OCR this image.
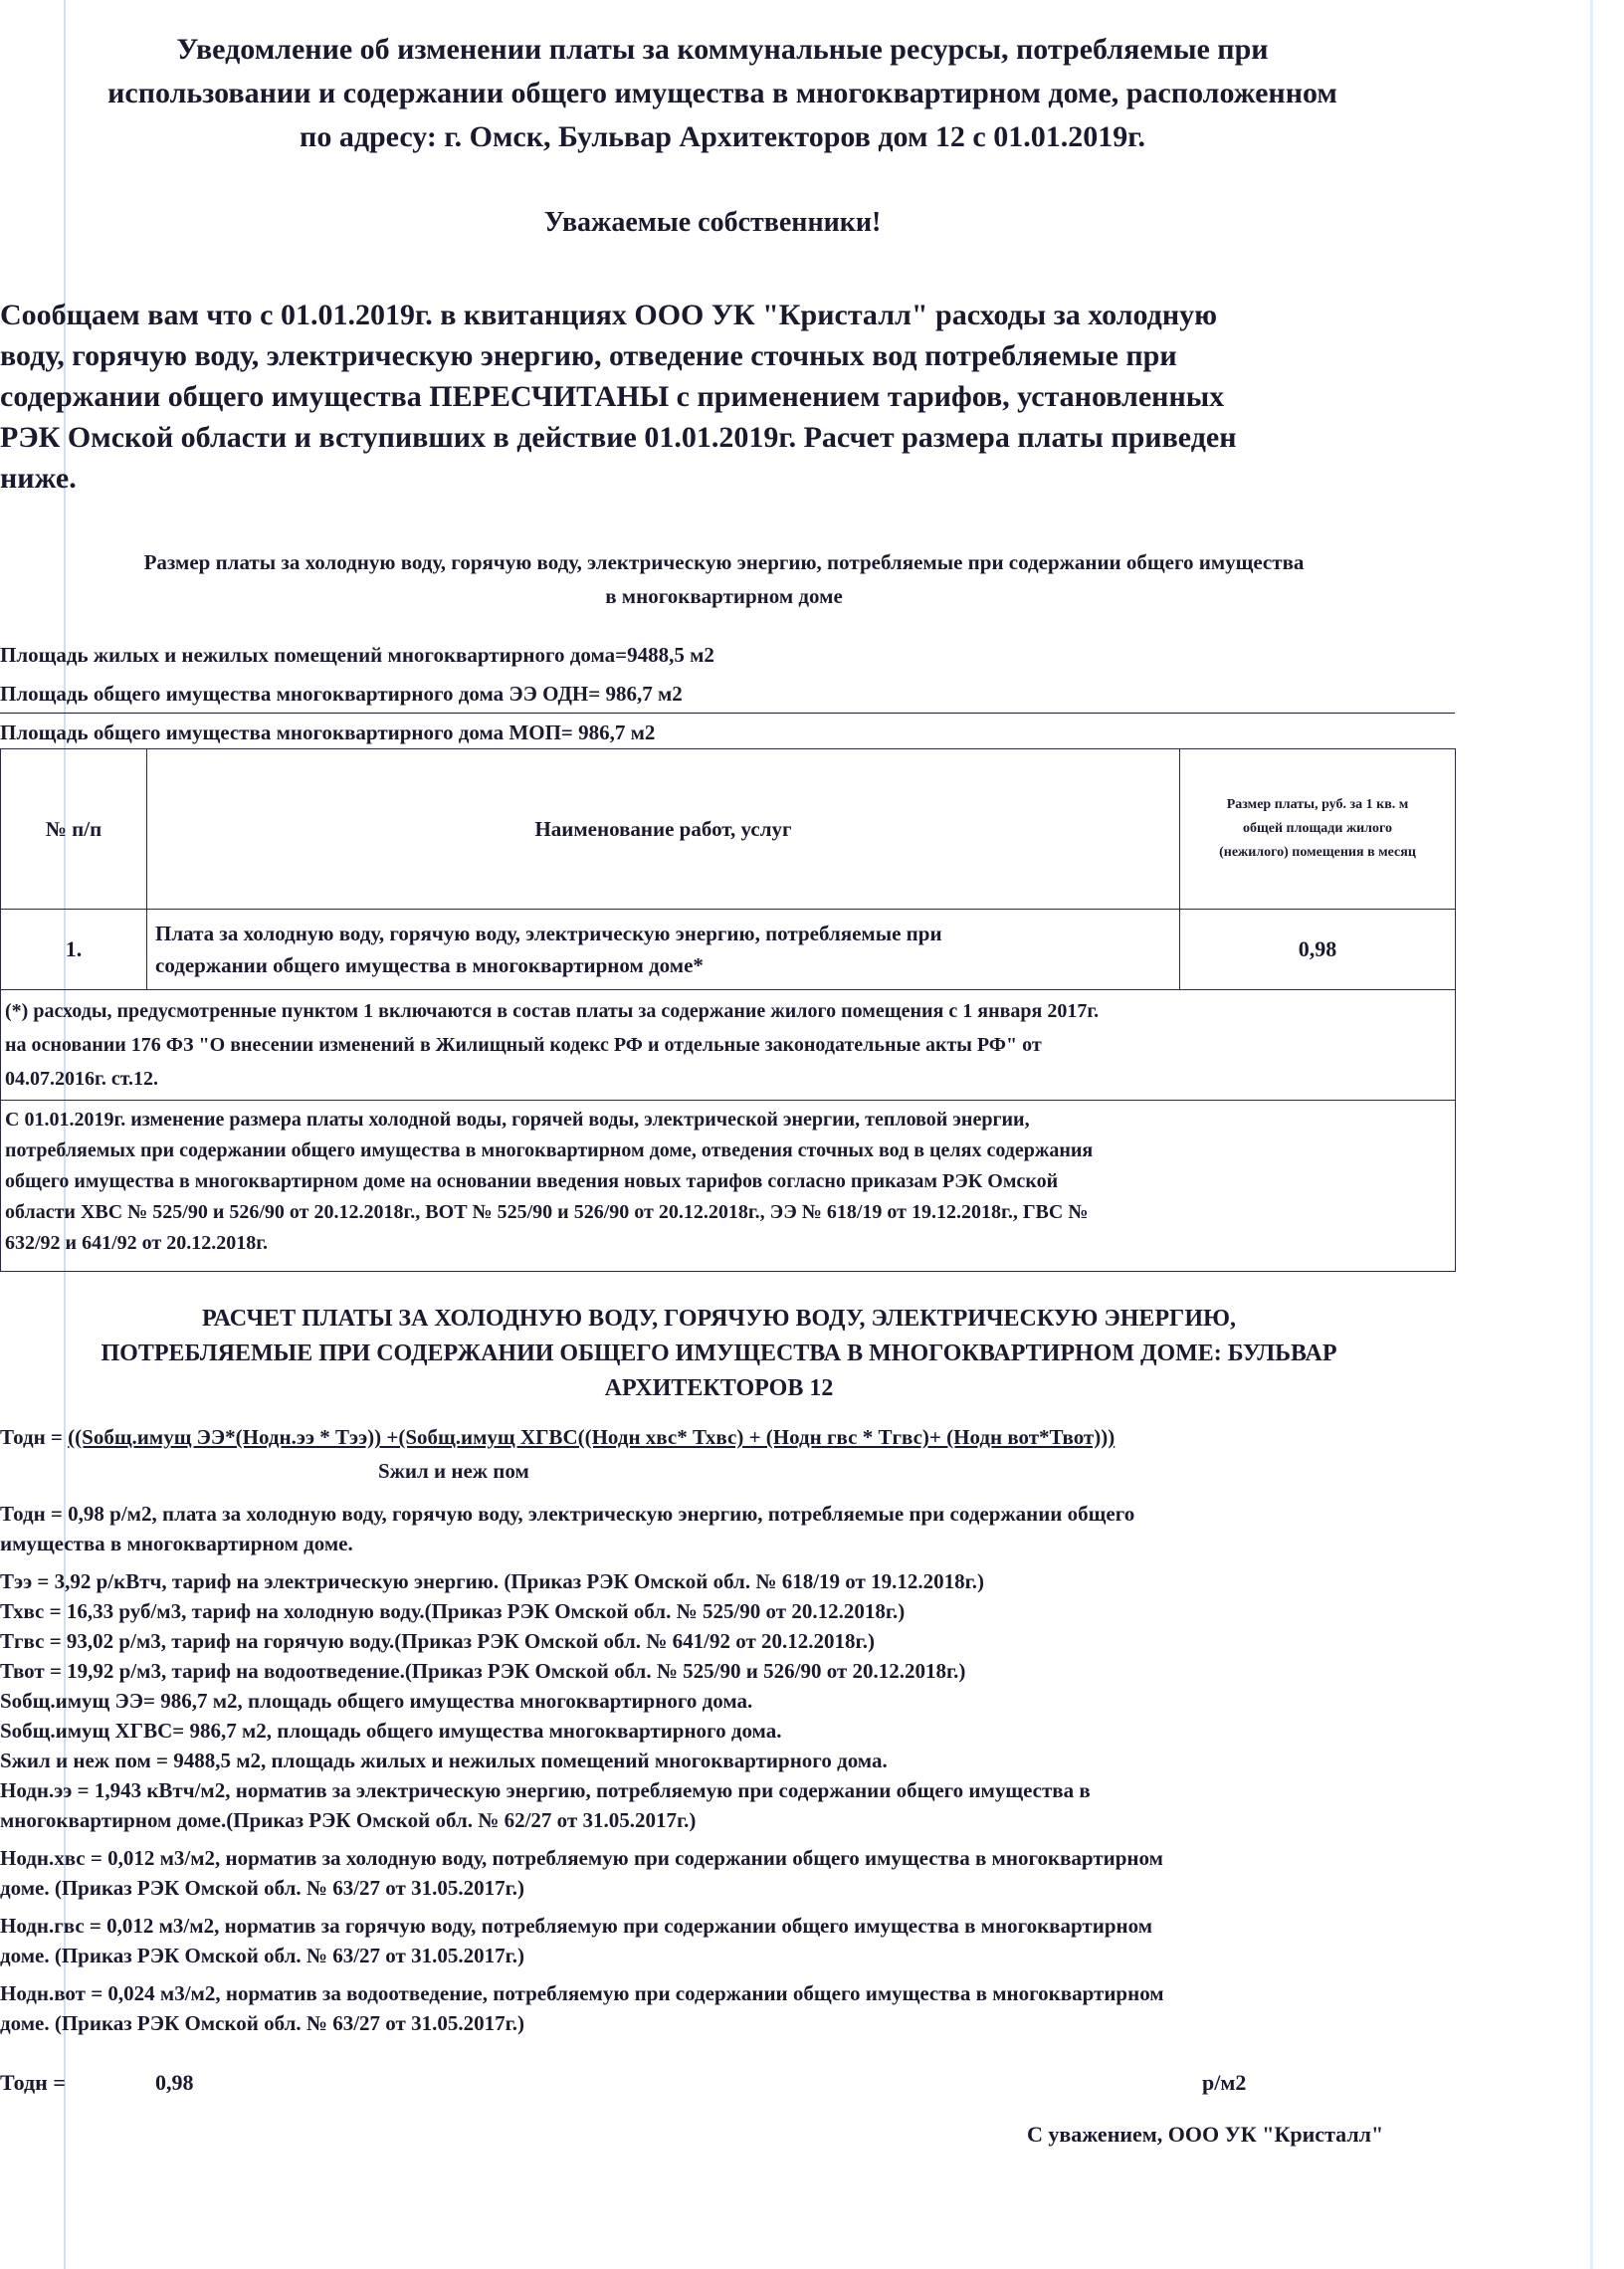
Уведомление об изменении платы за коммунальные ресурсы, потребляемые при
использовании и содержании общего имущества в многоквартирном доме, расположенном
по адресу: г. Омск, Бульвар Архитекторов дом 12 с 01.01.2019г.
Уважаемые собственники!
Сообщаем вам что с 01.01.2019г. в квитанциях ООО УК "Кристалл" расходы за холодную
воду, горячую воду, электрическую энергию, отведение сточных вод потребляемые при
содержании общего имущества ПЕРЕСЧИТАНЫ с применением тарифов, установленных
РЭК Омской области и вступивших в действие 01.01.2019г. Расчет размера платы приведен
ниже.
Размер платы за холодную воду, горячую воду, электрическую энергию, потребляемые при содержании общего имущества
в многоквартирном доме
Площадь жилых и нежилых помещений многоквартирного дома=9488,5 м2
Площадь общего имущества многоквартирного дома ЭЭ ОДН= 986,7 м2
Площадь общего имущества многоквартирного дома МОП= 986,7 м2
№ п/п	Наименование работ, услуг	Размер платы, руб. за 1 кв. м
общей площади жилого
(нежилого) помещения в месяц

1.	Плата за холодную воду, горячую воду, электрическую энергию, потребляемые при
содержании общего имущества в многоквартирном доме*	0,98

(*) расходы, предусмотренные пунктом 1 включаются в состав платы за содержание жилого помещения с 1 января 2017г.
на основании 176 ФЗ "О внесении изменений в Жилищный кодекс РФ и отдельные законодательные акты РФ" от
04.07.2016г. ст.12.		

С 01.01.2019г. изменение размера платы холодной воды, горячей воды, электрической энергии, тепловой энергии,
потребляемых при содержании общего имущества в многоквартирном доме, отведения сточных вод в целях содержания
общего имущества в многоквартирном доме на основании введения новых тарифов согласно приказам РЭК Омской
области ХВС № 525/90 и 526/90 от 20.12.2018г., ВОТ № 525/90 и 526/90 от 20.12.2018г., ЭЭ № 618/19 от 19.12.2018г., ГВС №
632/92 и 641/92 от 20.12.2018г.		
РАСЧЕТ ПЛАТЫ ЗА ХОЛОДНУЮ ВОДУ, ГОРЯЧУЮ ВОДУ, ЭЛЕКТРИЧЕСКУЮ ЭНЕРГИЮ,
ПОТРЕБЛЯЕМЫЕ ПРИ СОДЕРЖАНИИ ОБЩЕГО ИМУЩЕСТВА В МНОГОКВАРТИРНОМ ДОМЕ: БУЛЬВАР
АРХИТЕКТОРОВ 12
Тодн = ((Sобщ.имущ ЭЭ*(Нодн.ээ * Тээ)) +(Sобщ.имущ ХГВС((Нодн хвс* Тхвс) + (Нодн гвс * Тгвс)+ (Нодн вот*Твот)))
Sжил и неж пом

Тодн = 0,98 р/м2, плата за холодную воду, горячую воду, электрическую энергию, потребляемые при содержании общего

имущества в многоквартирном доме.

Тээ = 3,92 р/кВтч, тариф на электрическую энергию. (Приказ РЭК Омской обл. № 618/19 от 19.12.2018г.)

Тхвс = 16,33 руб/м3, тариф на холодную воду.(Приказ РЭК Омской обл. № 525/90 от 20.12.2018г.)

Тгвс = 93,02 р/м3, тариф на горячую воду.(Приказ РЭК Омской обл. № 641/92 от 20.12.2018г.)

Твот = 19,92 р/м3, тариф на водоотведение.(Приказ РЭК Омской обл. № 525/90 и 526/90 от 20.12.2018г.)

Sобщ.имущ ЭЭ= 986,7 м2, площадь общего имущества многоквартирного дома.

Sобщ.имущ ХГВС= 986,7 м2, площадь общего имущества многоквартирного дома.

Sжил и неж пом = 9488,5 м2, площадь жилых и нежилых помещений многоквартирного дома.

Нодн.ээ = 1,943 кВтч/м2, норматив за электрическую энергию, потребляемую при содержании общего имущества в

многоквартирном доме.(Приказ РЭК Омской обл. № 62/27 от 31.05.2017г.)

Нодн.хвс = 0,012 м3/м2, норматив за холодную воду, потребляемую при содержании общего имущества в многоквартирном

доме. (Приказ РЭК Омской обл. № 63/27 от 31.05.2017г.)

Нодн.гвс = 0,012 м3/м2, норматив за горячую воду, потребляемую при содержании общего имущества в многоквартирном

доме. (Приказ РЭК Омской обл. № 63/27 от 31.05.2017г.)

Нодн.вот = 0,024 м3/м2, норматив за водоотведение, потребляемую при содержании общего имущества в многоквартирном

доме. (Приказ РЭК Омской обл. № 63/27 от 31.05.2017г.)

Тодн =	0,98	р/м2
С уважением, ООО УК "Кристалл"
